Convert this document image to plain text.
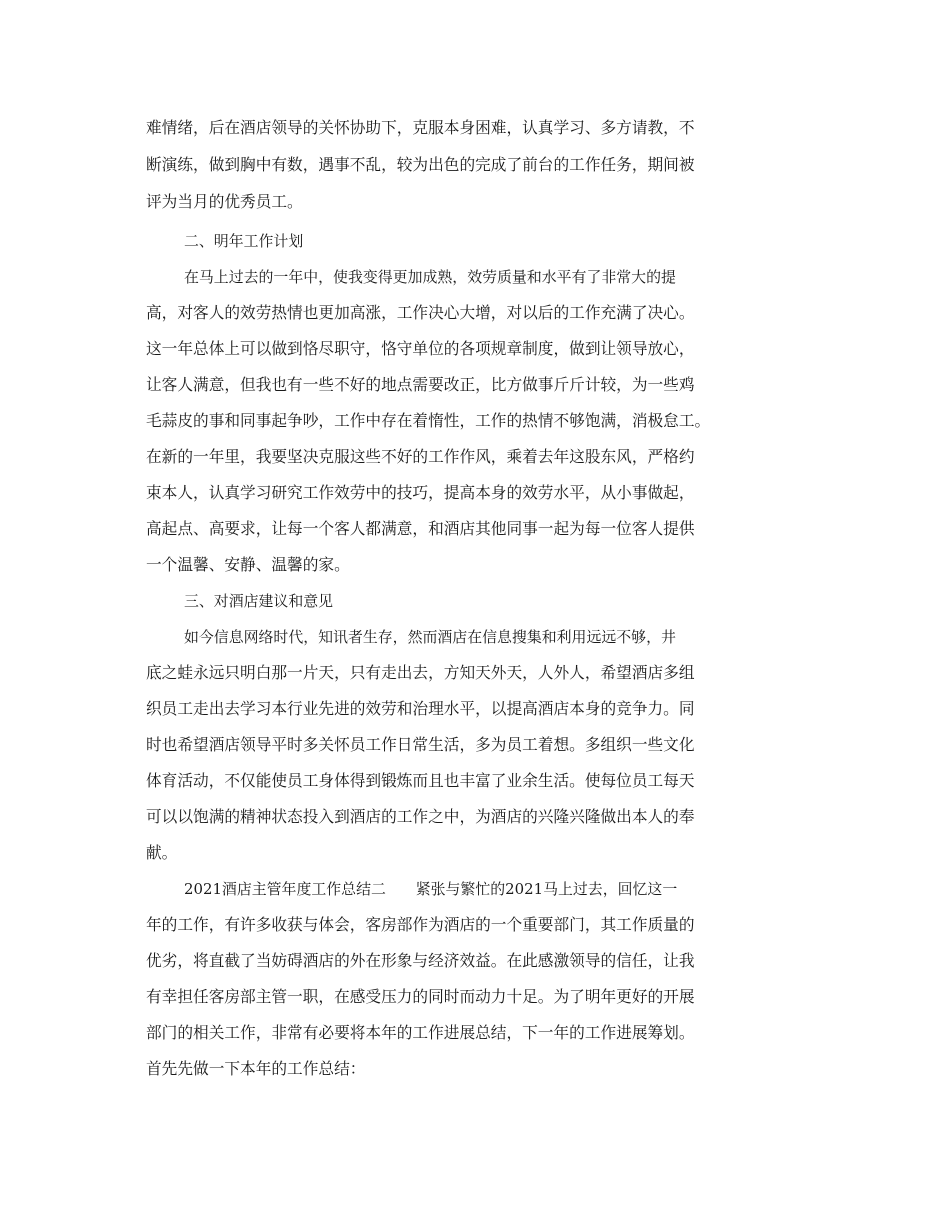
难情绪，后在酒店领导的关怀协助下，克服本身困难，认真学习、多方请教，不

断演练，做到胸中有数，遇事不乱，较为出色的完成了前台的工作任务，期间被

评为当月的优秀员工。

二、明年工作计划

在马上过去的一年中，使我变得更加成熟，效劳质量和水平有了非常大的提

高，对客人的效劳热情也更加高涨，工作决心大增，对以后的工作充满了决心。

这一年总体上可以做到恪尽职守，恪守单位的各项规章制度，做到让领导放心，

让客人满意，但我也有一些不好的地点需要改正，比方做事斤斤计较，为一些鸡

毛蒜皮的事和同事起争吵，工作中存在着惰性，工作的热情不够饱满，消极怠工。

在新的一年里，我要坚决克服这些不好的工作作风，乘着去年这股东风，严格约

束本人，认真学习研究工作效劳中的技巧，提高本身的效劳水平，从小事做起，

高起点、高要求，让每一个客人都满意，和酒店其他同事一起为每一位客人提供

一个温馨、安静、温馨的家。

三、对酒店建议和意见

如今信息网络时代，知讯者生存，然而酒店在信息搜集和利用远远不够，井

底之蛙永远只明白那一片天，只有走出去，方知天外天，人外人，希望酒店多组

织员工走出去学习本行业先进的效劳和治理水平，以提高酒店本身的竞争力。同

时也希望酒店领导平时多关怀员工作日常生活，多为员工着想。多组织一些文化

体育活动，不仅能使员工身体得到锻炼而且也丰富了业余生活。使每位员工每天

可以以饱满的精神状态投入到酒店的工作之中，为酒店的兴隆兴隆做出本人的奉

献。

2021酒店主管年度工作总结二　　紧张与繁忙的2021马上过去，回忆这一

年的工作，有许多收获与体会，客房部作为酒店的一个重要部门，其工作质量的

优劣，将直截了当妨碍酒店的外在形象与经济效益。在此感激领导的信任，让我

有幸担任客房部主管一职，在感受压力的同时而动力十足。为了明年更好的开展

部门的相关工作，非常有必要将本年的工作进展总结，下一年的工作进展筹划。

首先先做一下本年的工作总结：
